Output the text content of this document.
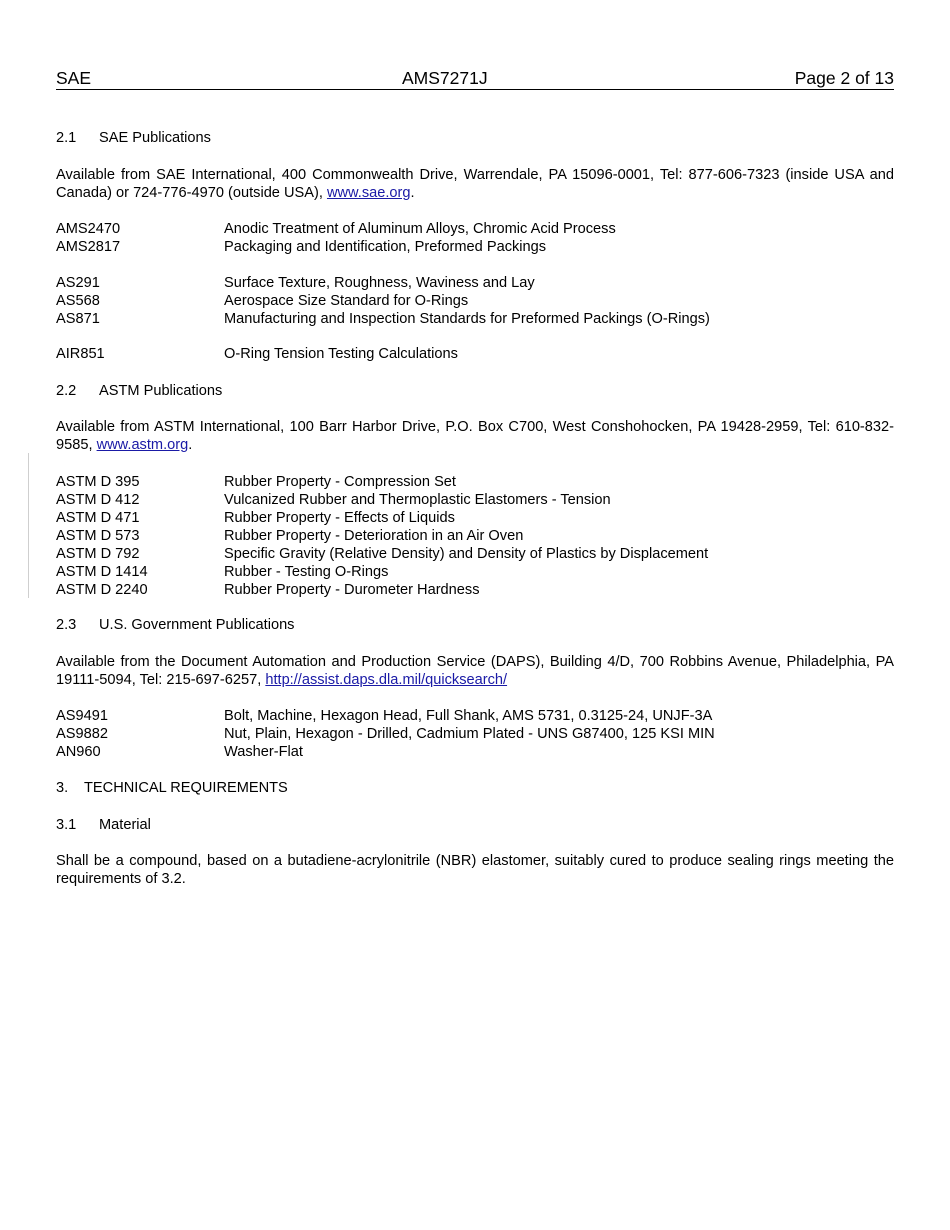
SAE	AMS7271J	Page 2 of 13
2.1 SAE Publications
Available from SAE International, 400 Commonwealth Drive, Warrendale, PA 15096-0001, Tel: 877-606-7323 (inside USA and Canada) or 724-776-4970 (outside USA), www.sae.org.
AMS2470	Anodic Treatment of Aluminum Alloys, Chromic Acid Process
AMS2817	Packaging and Identification, Preformed Packings
AS291	Surface Texture, Roughness, Waviness and Lay
AS568	Aerospace Size Standard for O-Rings
AS871	Manufacturing and Inspection Standards for Preformed Packings (O-Rings)
AIR851	O-Ring Tension Testing Calculations
2.2 ASTM Publications
Available from ASTM International, 100 Barr Harbor Drive, P.O. Box C700, West Conshohocken, PA 19428-2959, Tel: 610-832-9585, www.astm.org.
ASTM D 395	Rubber Property - Compression Set
ASTM D 412	Vulcanized Rubber and Thermoplastic Elastomers - Tension
ASTM D 471	Rubber Property - Effects of Liquids
ASTM D 573	Rubber Property - Deterioration in an Air Oven
ASTM D 792	Specific Gravity (Relative Density) and Density of Plastics by Displacement
ASTM D 1414	Rubber - Testing O-Rings
ASTM D 2240	Rubber Property - Durometer Hardness
2.3 U.S. Government Publications
Available from the Document Automation and Production Service (DAPS), Building 4/D, 700 Robbins Avenue, Philadelphia, PA 19111-5094, Tel: 215-697-6257, http://assist.daps.dla.mil/quicksearch/
AS9491	Bolt, Machine, Hexagon Head, Full Shank, AMS 5731, 0.3125-24, UNJF-3A
AS9882	Nut, Plain, Hexagon - Drilled, Cadmium Plated - UNS G87400, 125 KSI MIN
AN960	Washer-Flat
3. TECHNICAL REQUIREMENTS
3.1 Material
Shall be a compound, based on a butadiene-acrylonitrile (NBR) elastomer, suitably cured to produce sealing rings meeting the requirements of 3.2.
